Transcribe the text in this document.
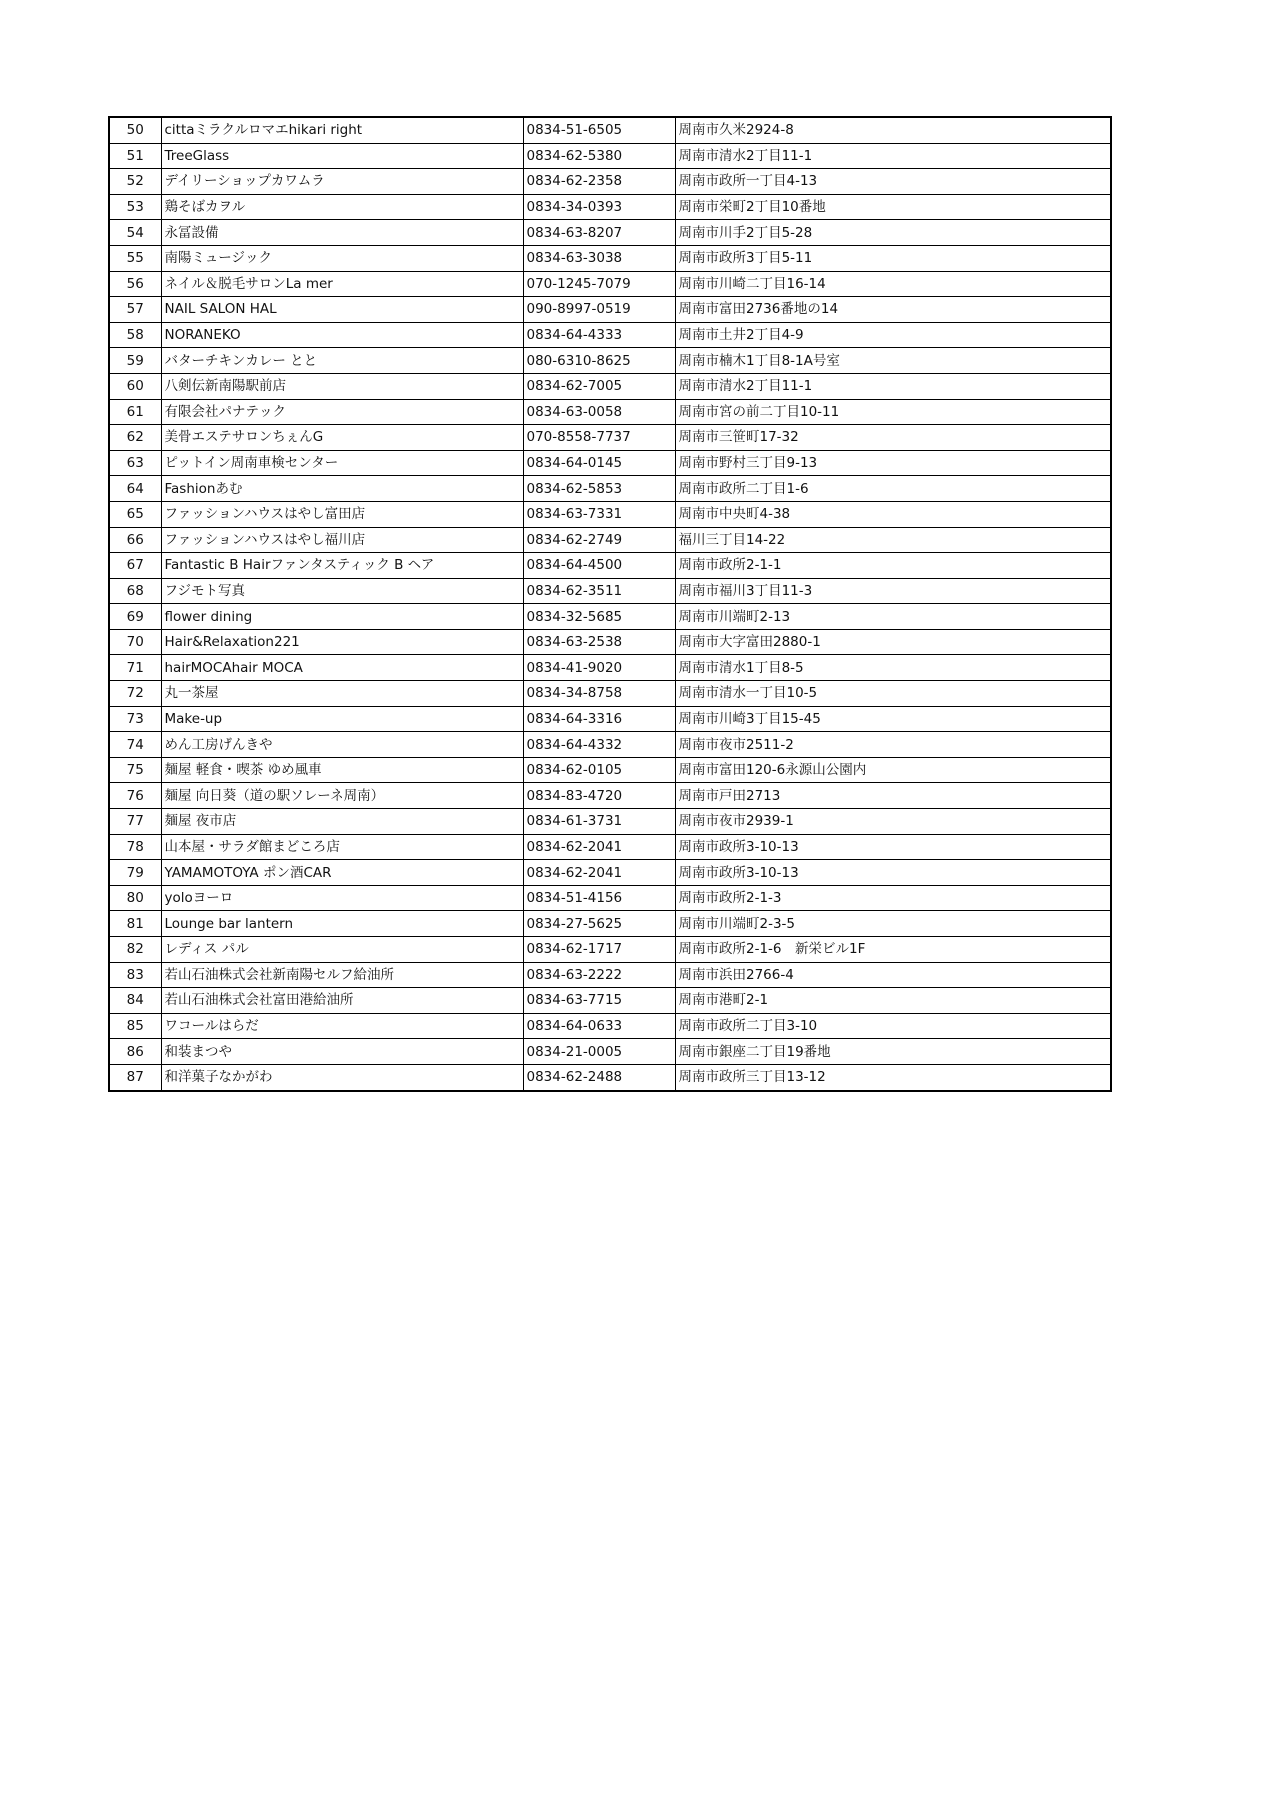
50	cittaミラクルロマエhikari right	0834-51-6505	周南市久米2924-8
51	TreeGlass	0834-62-5380	周南市清水2丁目11-1
52	デイリーショップカワムラ	0834-62-2358	周南市政所一丁目4-13
53	鶏そばカヲル	0834-34-0393	周南市栄町2丁目10番地
54	永冨設備	0834-63-8207	周南市川手2丁目5-28
55	南陽ミュージック	0834-63-3038	周南市政所3丁目5-11
56	ネイル＆脱毛サロンLa mer	070-1245-7079	周南市川崎二丁目16-14
57	NAIL SALON HAL	090-8997-0519	周南市富田2736番地の14
58	NORANEKO	0834-64-4333	周南市土井2丁目4-9
59	バターチキンカレー とと	080-6310-8625	周南市楠木1丁目8-1A号室
60	八剣伝新南陽駅前店	0834-62-7005	周南市清水2丁目11-1
61	有限会社パナテック	0834-63-0058	周南市宮の前二丁目10-11
62	美骨エステサロンちぇんG	070-8558-7737	周南市三笹町17-32
63	ピットイン周南車検センター	0834-64-0145	周南市野村三丁目9-13
64	Fashionあむ	0834-62-5853	周南市政所二丁目1-6
65	ファッションハウスはやし富田店	0834-63-7331	周南市中央町4-38
66	ファッションハウスはやし福川店	0834-62-2749	福川三丁目14-22
67	Fantastic B Hairファンタスティック B ヘア	0834-64-4500	周南市政所2-1-1
68	フジモト写真	0834-62-3511	周南市福川3丁目11-3
69	flower dining	0834-32-5685	周南市川端町2-13
70	Hair&Relaxation221	0834-63-2538	周南市大字富田2880-1
71	hairMOCAhair MOCA	0834-41-9020	周南市清水1丁目8-5
72	丸一茶屋	0834-34-8758	周南市清水一丁目10-5
73	Make-up	0834-64-3316	周南市川崎3丁目15-45
74	めん工房げんきや	0834-64-4332	周南市夜市2511-2
75	麺屋 軽食・喫茶 ゆめ風車	0834-62-0105	周南市富田120-6永源山公園内
76	麺屋 向日葵（道の駅ソレーネ周南）	0834-83-4720	周南市戸田2713
77	麺屋 夜市店	0834-61-3731	周南市夜市2939-1
78	山本屋・サラダ館まどころ店	0834-62-2041	周南市政所3-10-13
79	YAMAMOTOYA ポン酒CAR	0834-62-2041	周南市政所3-10-13
80	yoloヨーロ	0834-51-4156	周南市政所2-1-3
81	Lounge bar lantern	0834-27-5625	周南市川端町2-3-5
82	レディス パル	0834-62-1717	周南市政所2-1-6　新栄ビル1F
83	若山石油株式会社新南陽セルフ給油所	0834-63-2222	周南市浜田2766-4
84	若山石油株式会社富田港給油所	0834-63-7715	周南市港町2-1
85	ワコールはらだ	0834-64-0633	周南市政所二丁目3-10
86	和装まつや	0834-21-0005	周南市銀座二丁目19番地
87	和洋菓子なかがわ	0834-62-2488	周南市政所三丁目13-12
